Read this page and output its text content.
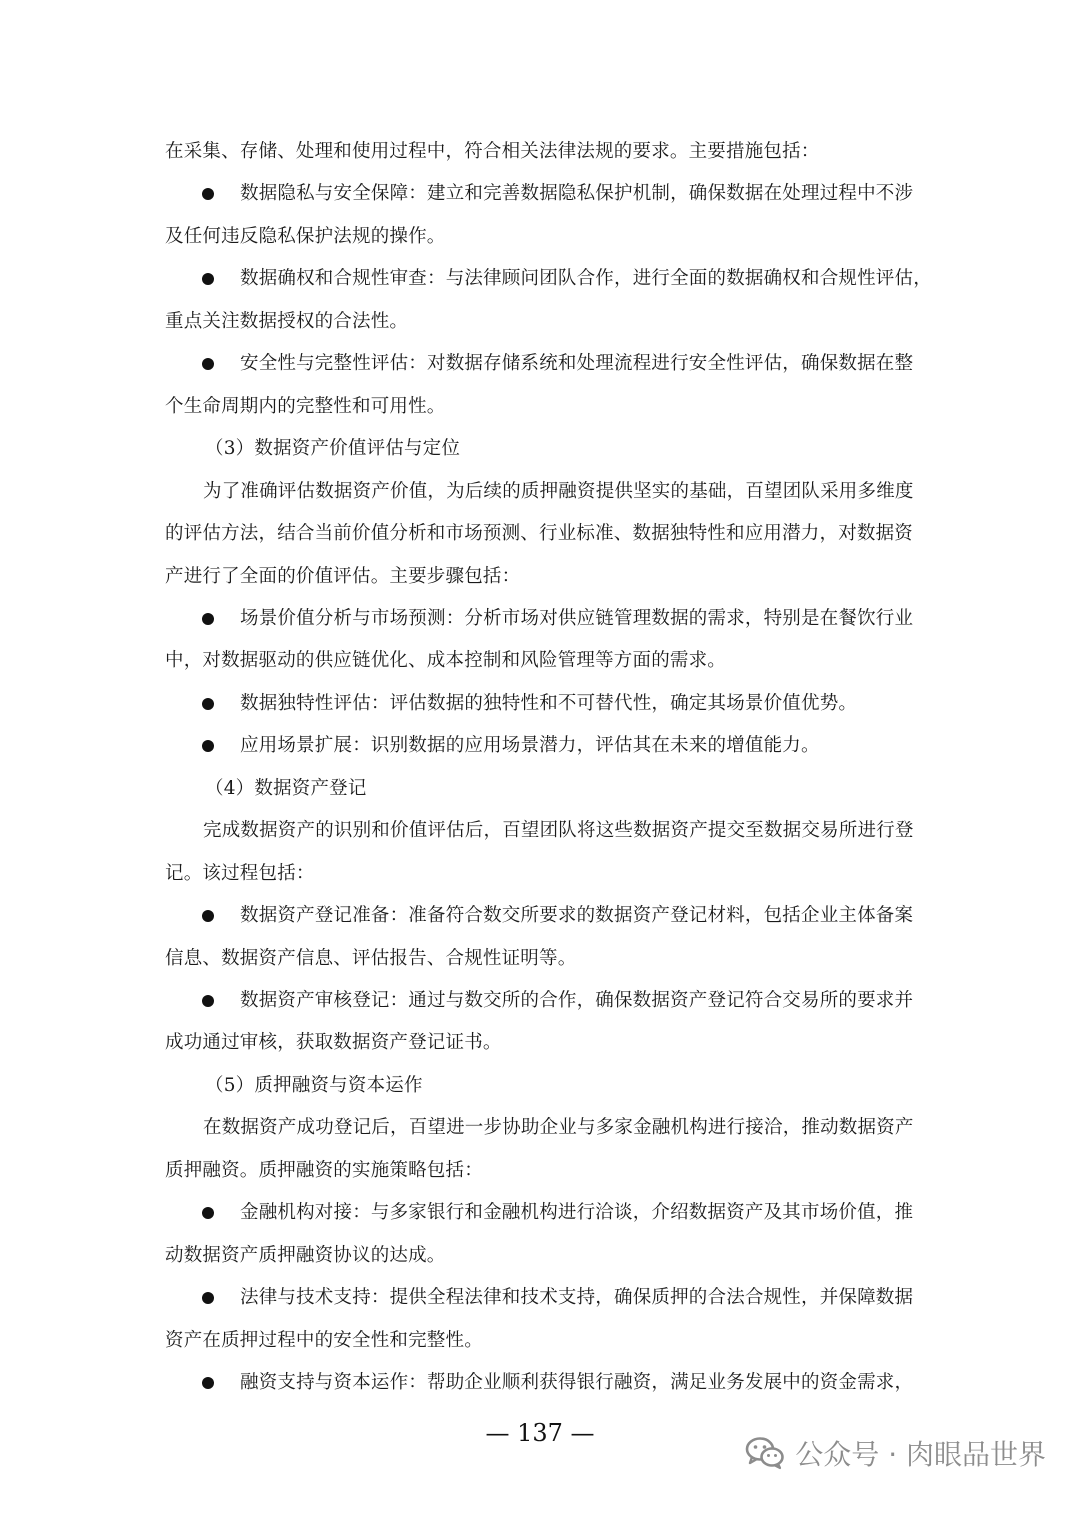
在采集、存储、处理和使用过程中，符合相关法律法规的要求。主要措施包括：
数据隐私与安全保障：建立和完善数据隐私保护机制，确保数据在处理过程中不涉
及任何违反隐私保护法规的操作。
数据确权和合规性审查：与法律顾问团队合作，进行全面的数据确权和合规性评估，
重点关注数据授权的合法性。
安全性与完整性评估：对数据存储系统和处理流程进行安全性评估，确保数据在整
个生命周期内的完整性和可用性。
（3）数据资产价值评估与定位
为了准确评估数据资产价值，为后续的质押融资提供坚实的基础，百望团队采用多维度
的评估方法，结合当前价值分析和市场预测、行业标准、数据独特性和应用潜力，对数据资
产进行了全面的价值评估。主要步骤包括：
场景价值分析与市场预测：分析市场对供应链管理数据的需求，特别是在餐饮行业
中，对数据驱动的供应链优化、成本控制和风险管理等方面的需求。
数据独特性评估：评估数据的独特性和不可替代性，确定其场景价值优势。
应用场景扩展：识别数据的应用场景潜力，评估其在未来的增值能力。
（4）数据资产登记
完成数据资产的识别和价值评估后，百望团队将这些数据资产提交至数据交易所进行登
记。该过程包括：
数据资产登记准备：准备符合数交所要求的数据资产登记材料，包括企业主体备案
信息、数据资产信息、评估报告、合规性证明等。
数据资产审核登记：通过与数交所的合作，确保数据资产登记符合交易所的要求并
成功通过审核，获取数据资产登记证书。
（5）质押融资与资本运作
在数据资产成功登记后，百望进一步协助企业与多家金融机构进行接洽，推动数据资产
质押融资。质押融资的实施策略包括：
金融机构对接：与多家银行和金融机构进行洽谈，介绍数据资产及其市场价值，推
动数据资产质押融资协议的达成。
法律与技术支持：提供全程法律和技术支持，确保质押的合法合规性，并保障数据
资产在质押过程中的安全性和完整性。
融资支持与资本运作：帮助企业顺利获得银行融资，满足业务发展中的资金需求，
— 137 —
公众号 · 肉眼品世界
